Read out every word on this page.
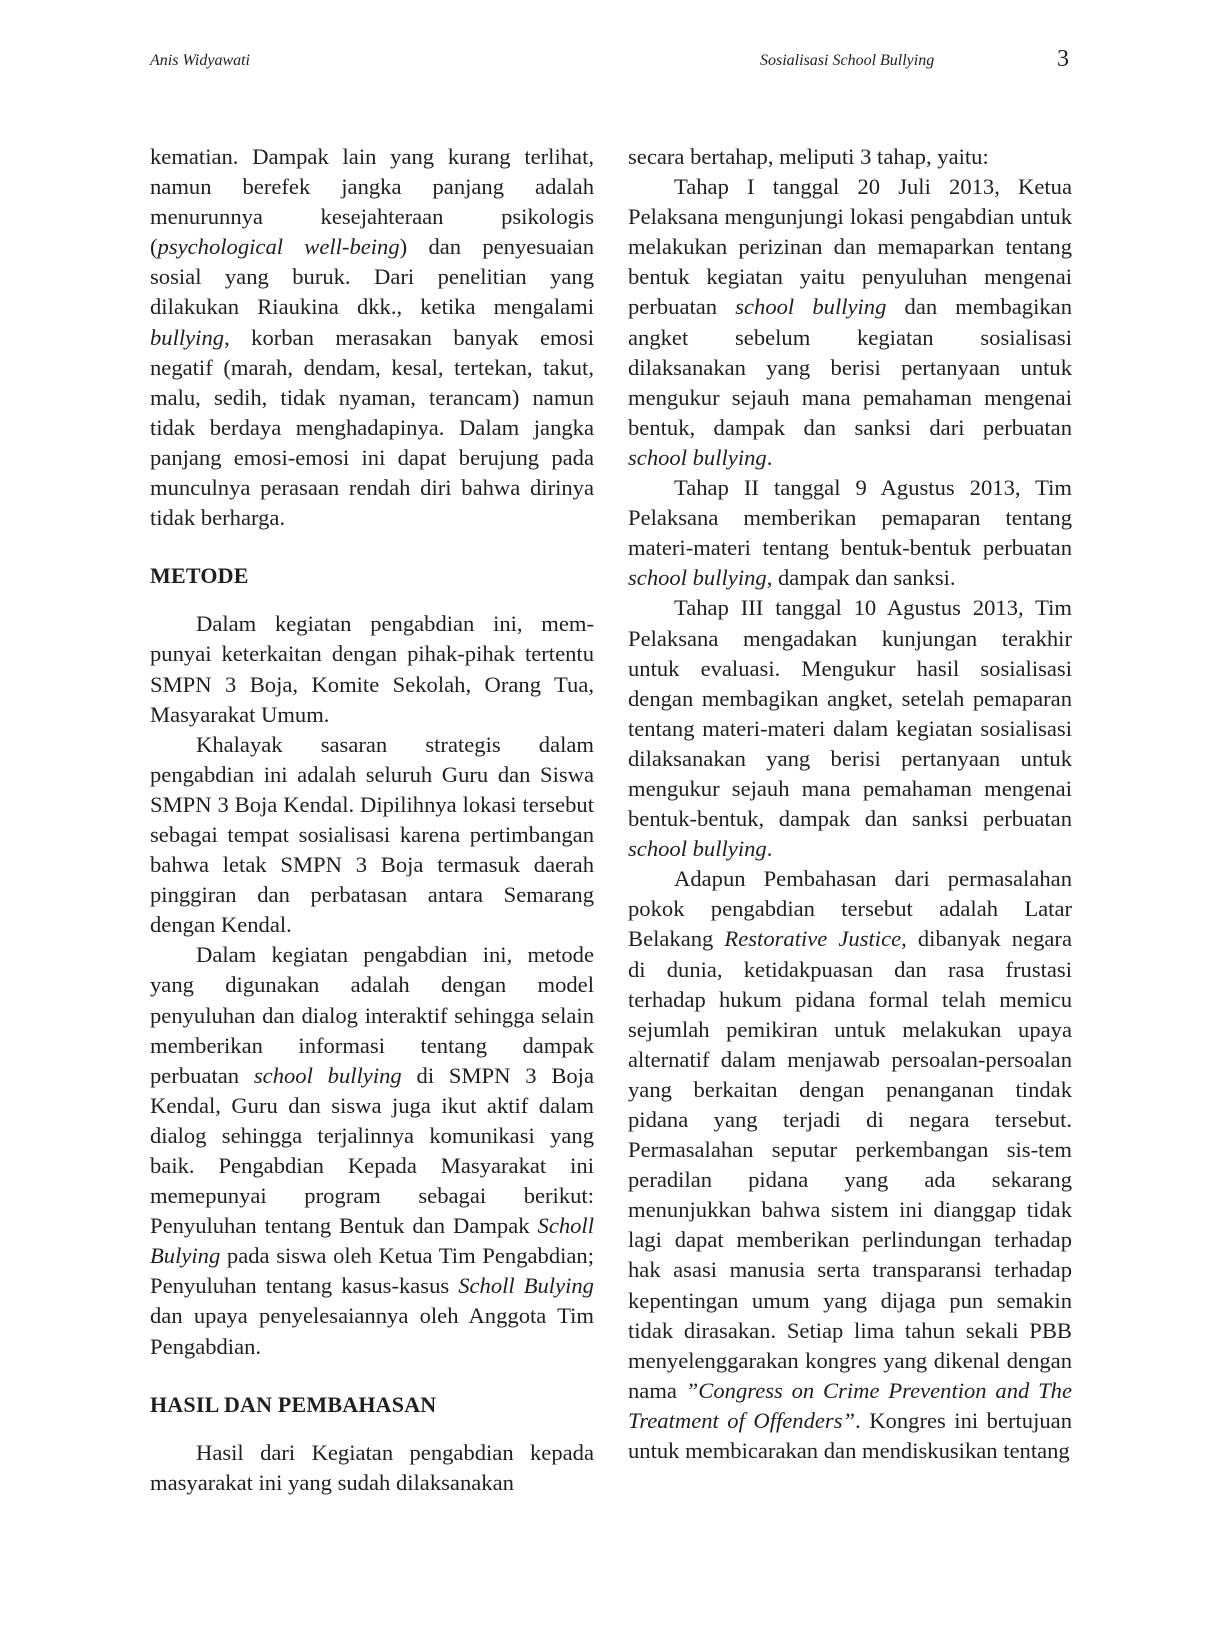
Anis Widyawati	Sosialisasi School Bullying	3

kematian. Dampak lain yang kurang terlihat, namun berefek jangka panjang adalah menurunnya kesejahteraan psikologis (psychological well-being) dan penyesuaian sosial yang buruk. Dari penelitian yang dilakukan Riaukina dkk., ketika mengalami bullying, korban merasakan banyak emosi negatif (marah, dendam, kesal, tertekan, takut, malu, sedih, tidak nyaman, terancam) namun tidak berdaya menghadapinya. Dalam jangka panjang emosi-emosi ini dapat berujung pada munculnya perasaan rendah diri bahwa dirinya tidak berharga.

METODE

Dalam kegiatan pengabdian ini, mem-punyai keterkaitan dengan pihak-pihak tertentu SMPN 3 Boja, Komite Sekolah, Orang Tua, Masyarakat Umum.

Khalayak sasaran strategis dalam pengabdian ini adalah seluruh Guru dan Siswa SMPN 3 Boja Kendal. Dipilihnya lokasi tersebut sebagai tempat sosialisasi karena pertimbangan bahwa letak SMPN 3 Boja termasuk daerah pinggiran dan perbatasan antara Semarang dengan Kendal.

Dalam kegiatan pengabdian ini, metode yang digunakan adalah dengan model penyuluhan dan dialog interaktif sehingga selain memberikan informasi tentang dampak perbuatan school bullying di SMPN 3 Boja Kendal, Guru dan siswa juga ikut aktif dalam dialog sehingga terjalinnya komunikasi yang baik. Pengabdian Kepada Masyarakat ini memepunyai program sebagai berikut: Penyuluhan tentang Bentuk dan Dampak Scholl Bulying pada siswa oleh Ketua Tim Pengabdian; Penyuluhan tentang kasus-kasus Scholl Bulying dan upaya penyelesaiannya oleh Anggota Tim Pengabdian.

HASIL DAN PEMBAHASAN

Hasil dari Kegiatan pengabdian kepada masyarakat ini yang sudah dilaksanakan

secara bertahap, meliputi 3 tahap, yaitu:

Tahap I tanggal 20 Juli 2013, Ketua Pelaksana mengunjungi lokasi pengabdian untuk melakukan perizinan dan memaparkan tentang bentuk kegiatan yaitu penyuluhan mengenai perbuatan school bullying dan membagikan angket sebelum kegiatan sosialisasi dilaksanakan yang berisi pertanyaan untuk mengukur sejauh mana pemahaman mengenai bentuk, dampak dan sanksi dari perbuatan school bullying.

Tahap II tanggal 9 Agustus 2013, Tim Pelaksana memberikan pemaparan tentang materi-materi tentang bentuk-bentuk perbuatan school bullying, dampak dan sanksi.

Tahap III tanggal 10 Agustus 2013, Tim Pelaksana mengadakan kunjungan terakhir untuk evaluasi. Mengukur hasil sosialisasi dengan membagikan angket, setelah pemaparan tentang materi-materi dalam kegiatan sosialisasi dilaksanakan yang berisi pertanyaan untuk mengukur sejauh mana pemahaman mengenai bentuk-bentuk, dampak dan sanksi perbuatan school bullying.

Adapun Pembahasan dari permasalahan pokok pengabdian tersebut adalah Latar Belakang Restorative Justice, dibanyak negara di dunia, ketidakpuasan dan rasa frustasi terhadap hukum pidana formal telah memicu sejumlah pemikiran untuk melakukan upaya alternatif dalam menjawab persoalan-persoalan yang berkaitan dengan penanganan tindak pidana yang terjadi di negara tersebut. Permasalahan seputar perkembangan sis-tem peradilan pidana yang ada sekarang menunjukkan bahwa sistem ini dianggap tidak lagi dapat memberikan perlindungan terhadap hak asasi manusia serta transparansi terhadap kepentingan umum yang dijaga pun semakin tidak dirasakan. Setiap lima tahun sekali PBB menyelenggarakan kongres yang dikenal dengan nama ”Congress on Crime Prevention and The Treatment of Offenders”. Kongres ini bertujuan untuk membicarakan dan mendiskusikan tentang
